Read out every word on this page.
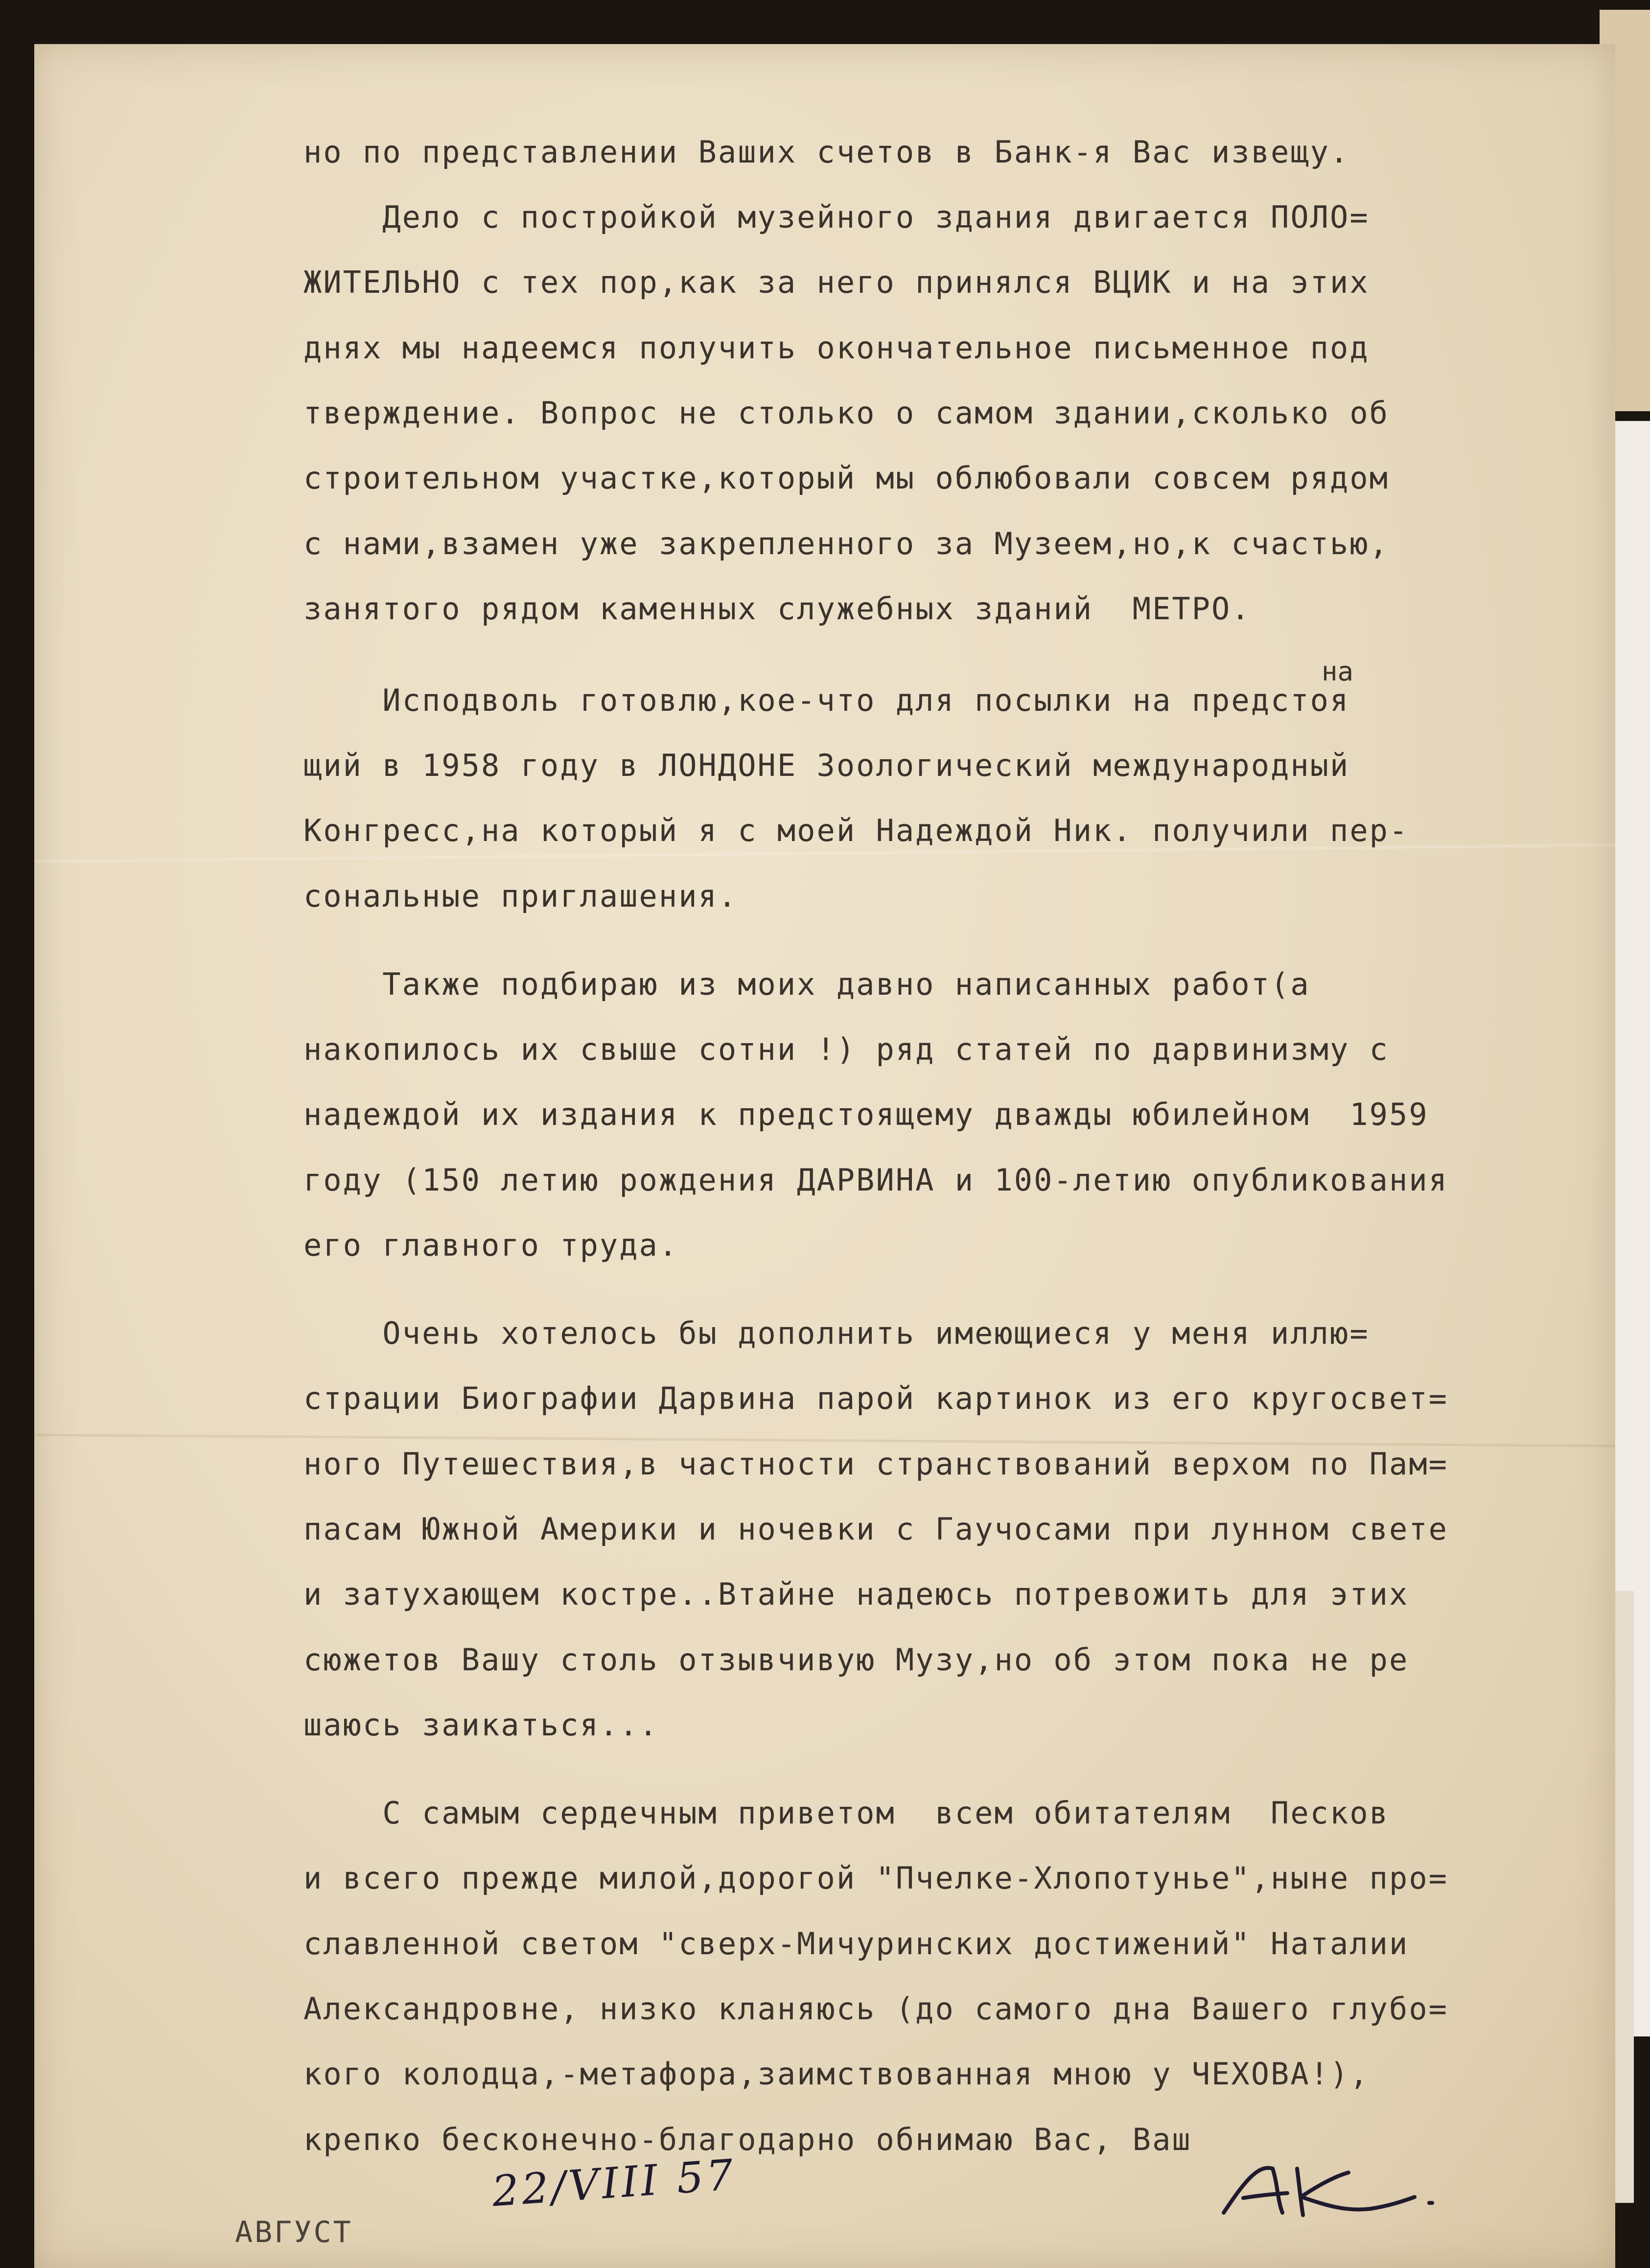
но по представлении Ваших счетов в Банк-я Вас извещу.

Дело с постройкой музейного здания двигается ПОЛО=

ЖИТЕЛЬНО с тех пор,как за него принялся ВЦИК и на этих

днях мы надеемся получить окончательное письменное под

тверждение. Вопрос не столько о самом здании,сколько об

строительном участке,который мы облюбовали совсем рядом

с нами,взамен уже закрепленного за Музеем,но,к счастью,

занятого рядом каменных служебных зданий  МЕТРО.

Исподволь готовлю,кое-что для посылки на предстоя

щий в 1958 году в ЛОНДОНЕ Зоологический международный

Конгресс,на который я с моей Надеждой Ник. получили пер-

сональные приглашения.

Также подбираю из моих давно написанных работ(а

накопилось их свыше сотни !) ряд статей по дарвинизму с

надеждой их издания к предстоящему дважды юбилейном  1959

году (150 летию рождения ДАРВИНА и 100-летию опубликования

его главного труда.

Очень хотелось бы дополнить имеющиеся у меня иллю=

страции Биографии Дарвина парой картинок из его кругосвет=

ного Путешествия,в частности странствований верхом по Пам=

пасам Южной Америки и ночевки с Гаучосами при лунном свете

и затухающем костре..Втайне надеюсь потревожить для этих

сюжетов Вашу столь отзывчивую Музу,но об этом пока не ре

шаюсь заикаться...

С самым сердечным приветом  всем обитателям  Песков

и всего прежде милой,дорогой "Пчелке-Хлопотунье",ныне про=

славленной светом "сверх-Мичуринских достижений" Наталии

Александровне, низко кланяюсь (до самого дна Вашего глубо=

кого колодца,-метафора,заимствованная мною у ЧЕХОВА!),

крепко бесконечно-благодарно обнимаю Вас, Ваш

на
22/VIII 57
АВГУСТ
